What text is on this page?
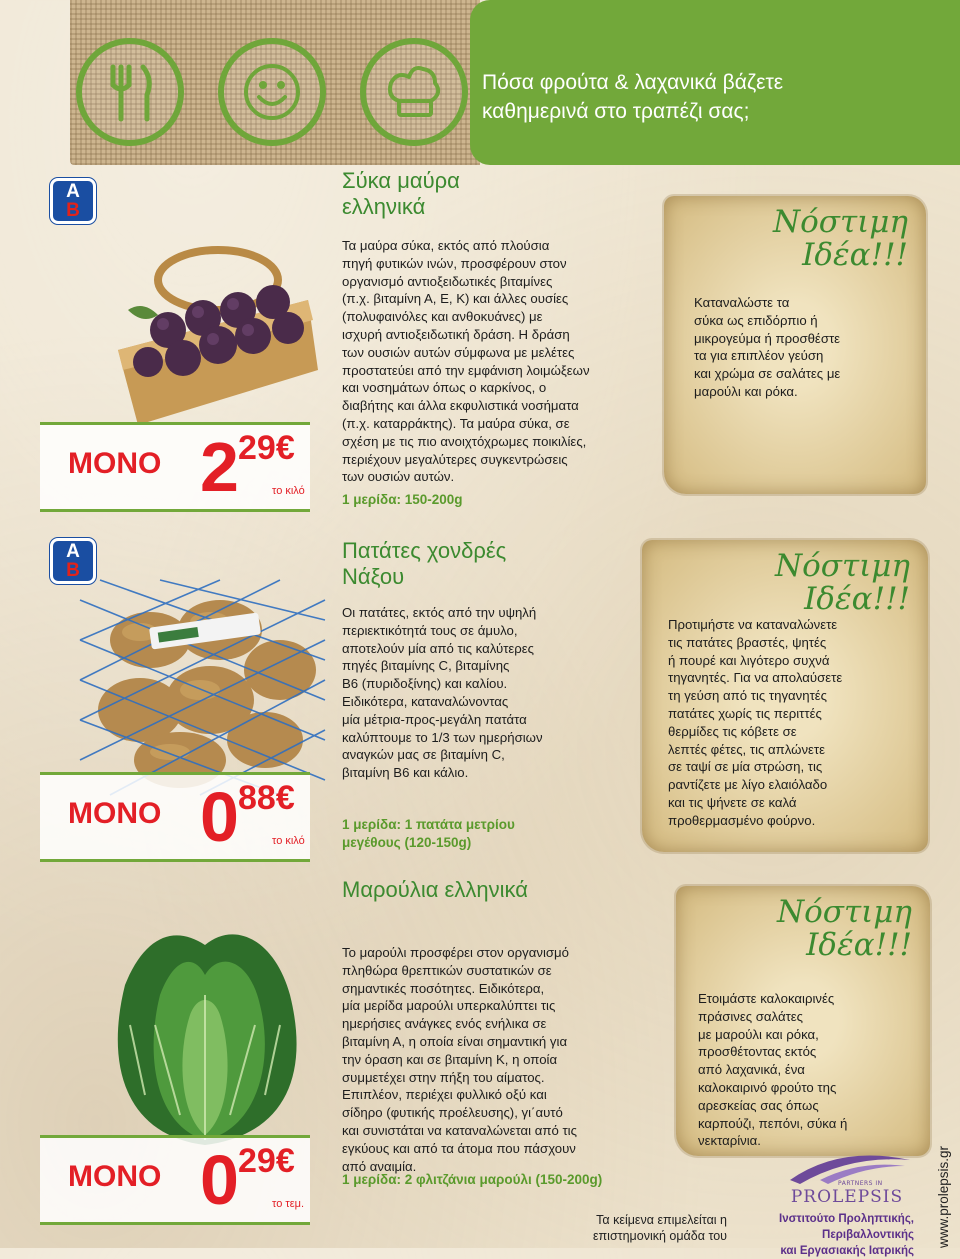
Πόσα φρούτα & λαχανικά βάζετε
καθημερινά στο τραπέζι σας;
A
B
ΜΟΝΟ 2 29€
το κιλό
Σύκα μαύρα
ελληνικά
Τα μαύρα σύκα, εκτός από πλούσια
πηγή φυτικών ινών, προσφέρουν στον
οργανισμό αντιοξειδωτικές βιταμίνες
(π.χ. βιταμίνη Α, Ε, Κ) και άλλες ουσίες
(πολυφαινόλες και ανθοκυάνες) με
ισχυρή αντιοξειδωτική δράση. Η δράση
των ουσιών αυτών σύμφωνα με μελέτες
προστατεύει από την εμφάνιση λοιμώξεων
και νοσημάτων όπως ο καρκίνος, ο
διαβήτης και άλλα εκφυλιστικά νοσήματα
(π.χ. καταρράκτης). Τα μαύρα σύκα, σε
σχέση με τις πιο ανοιχτόχρωμες ποικιλίες,
περιέχουν μεγαλύτερες συγκεντρώσεις
των ουσιών αυτών.
1 μερίδα: 150-200g
Νόστιμη
Ιδέα!!!
Καταναλώστε τα
σύκα ως επιδόρπιο ή
μικρογεύμα ή προσθέστε
τα για επιπλέον γεύση
και χρώμα σε σαλάτες με
μαρούλι και ρόκα.
A
B
ΜΟΝΟ 0 88€
το κιλό
Πατάτες χονδρές
Νάξου
Οι πατάτες, εκτός από την υψηλή
περιεκτικότητά τους σε άμυλο,
αποτελούν μία από τις καλύτερες
πηγές βιταμίνης C, βιταμίνης
Β6 (πυριδοξίνης) και καλίου.
Ειδικότερα, καταναλώνοντας
μία μέτρια-προς-μεγάλη πατάτα
καλύπτουμε το 1/3 των ημερήσιων
αναγκών μας σε βιταμίνη C,
βιταμίνη Β6 και κάλιο.
1 μερίδα: 1 πατάτα μετρίου
μεγέθους (120-150g)
Νόστιμη
Ιδέα!!!
Προτιμήστε να καταναλώνετε
τις πατάτες βραστές, ψητές
ή πουρέ και λιγότερο συχνά
τηγανητές. Για να απολαύσετε
τη γεύση από τις τηγανητές
πατάτες χωρίς τις περιττές
θερμίδες τις κόβετε σε
λεπτές φέτες, τις απλώνετε
σε ταψί σε μία στρώση, τις
ραντίζετε με λίγο ελαιόλαδο
και τις ψήνετε σε καλά
προθερμασμένο φούρνο.
ΜΟΝΟ 0 29€
το τεμ.
Μαρούλια ελληνικά
Το μαρούλι προσφέρει στον οργανισμό
πληθώρα θρεπτικών συστατικών σε
σημαντικές ποσότητες. Ειδικότερα,
μία μερίδα μαρούλι υπερκαλύπτει τις
ημερήσιες ανάγκες ενός ενήλικα σε
βιταμίνη Α, η οποία είναι σημαντική για
την όραση και σε βιταμίνη Κ, η οποία
συμμετέχει στην πήξη του αίματος.
Επιπλέον, περιέχει φυλλικό οξύ και
σίδηρο (φυτικής προέλευσης), γι΄αυτό
και συνιστάται να καταναλώνεται από τις
εγκύους και από τα άτομα που πάσχουν
από αναιμία.
1 μερίδα: 2 φλιτζάνια μαρούλι (150-200g)
Νόστιμη
Ιδέα!!!
Ετοιμάστε καλοκαιρινές
πράσινες σαλάτες
με μαρούλι και ρόκα,
προσθέτοντας εκτός
από λαχανικά, ένα
καλοκαιρινό φρούτο της
αρεσκείας σας όπως
καρπούζι, πεπόνι, σύκα ή
νεκταρίνια.
Τα κείμενα επιμελείται η
επιστημονική ομάδα του
PARTNERS IN
PROLEPSIS
Ινστιτούτο Προληπτικής, Περιβαλλοντικής
και Εργασιακής Ιατρικής
www.prolepsis.gr
